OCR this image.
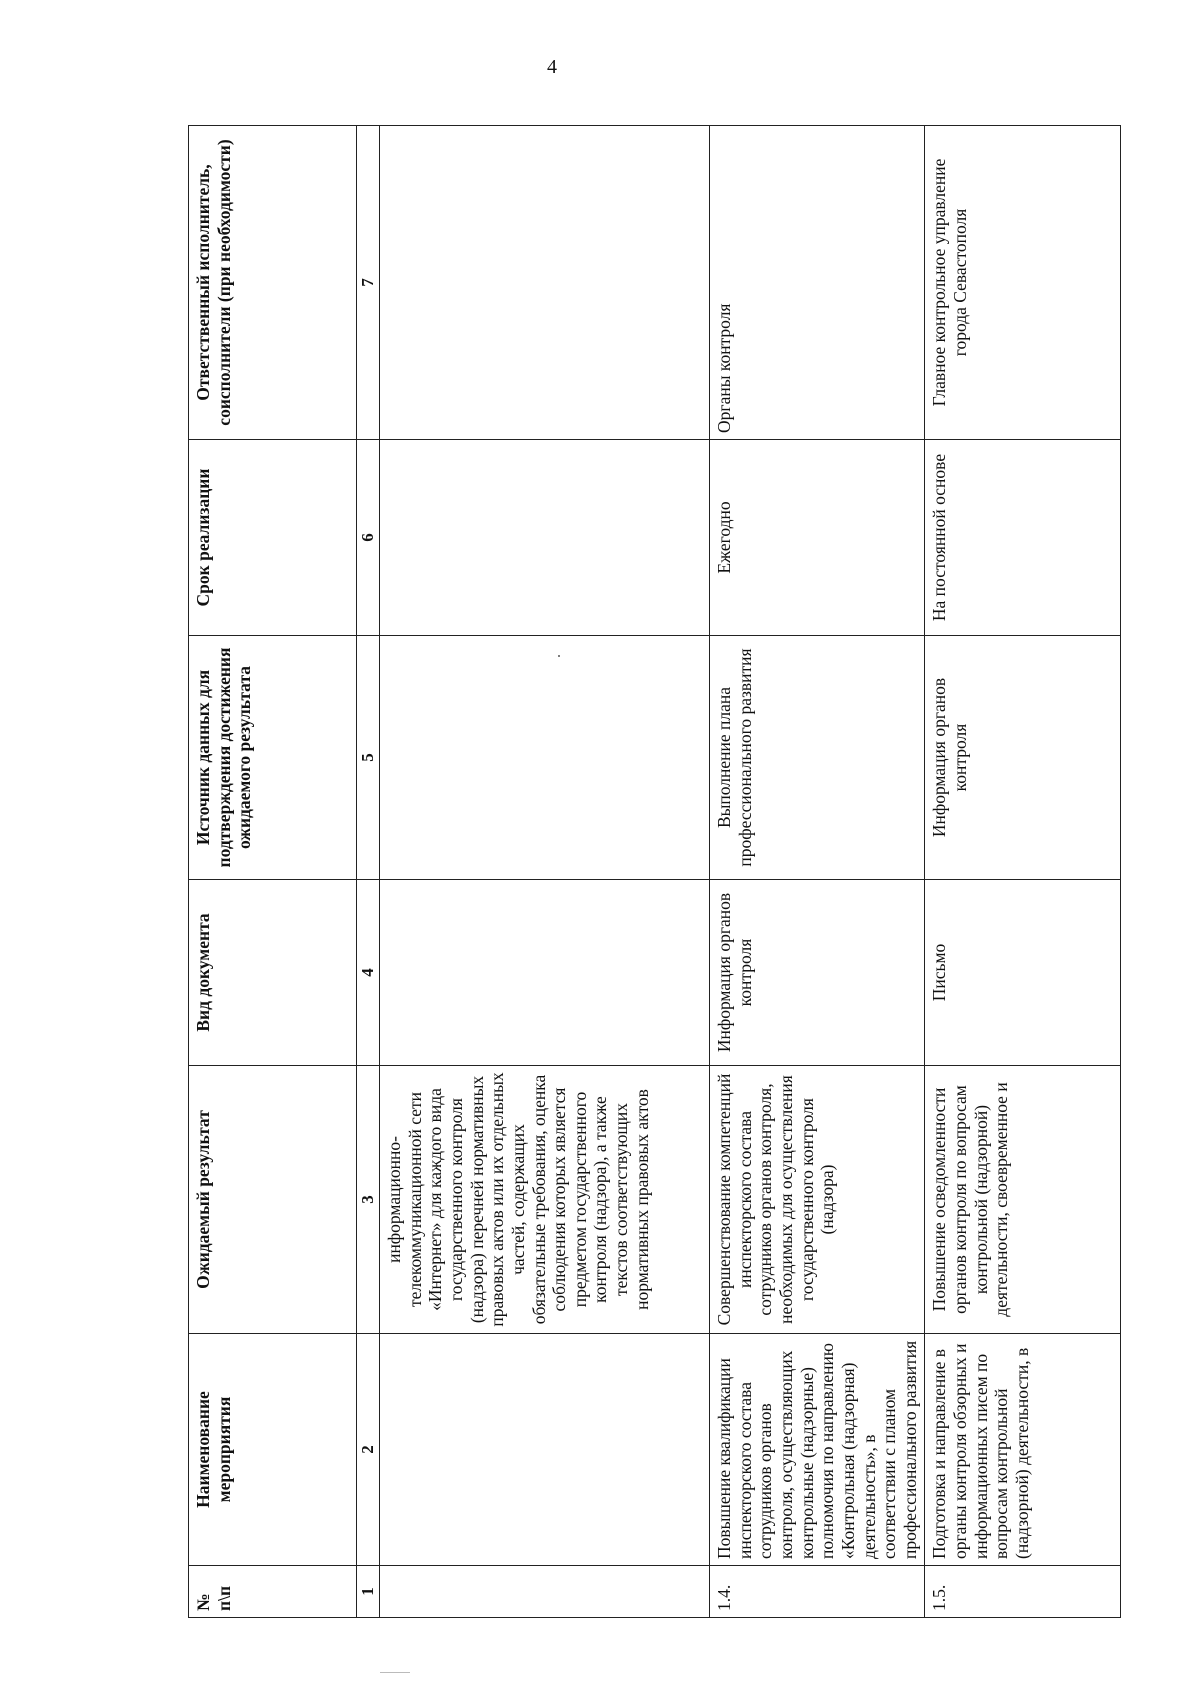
4
№ п\п	Наименование мероприятия	Ожидаемый результат	Вид документа	Источник данных для подтверждения достижения ожидаемого результата	Срок реализации	Ответственный исполнитель, соисполнители (при необходимости)
1	2	3	4	5	6	7
		информационно-телекоммуникационной сети «Интернет» для каждого вида государственного контроля (надзора) перечней нормативных правовых актов или их отдельных частей, содержащих обязательные требования, оценка соблюдения которых является предметом государственного контроля (надзора), а также текстов соответствующих нормативных правовых актов				
1.4.	Повышение квалификации инспекторского состава сотрудников органов контроля, осуществляющих контрольные (надзорные) полномочия по направлению «Контрольная (надзорная) деятельность», в соответствии с планом профессионального развития	Совершенствование компетенций инспекторского состава сотрудников органов контроля, необходимых для осуществления государственного контроля (надзора)	Информация органов контроля	Выполнение плана профессионального развития	Ежегодно	Органы контроля
1.5.	Подготовка и направление в органы контроля обзорных и информационных писем по вопросам контрольной (надзорной) деятельности, в	Повышение осведомленности органов контроля по вопросам контрольной (надзорной) деятельности, своевременное и	Письмо	Информация органов контроля	На постоянной основе	Главное контрольное управление города Севастополя
